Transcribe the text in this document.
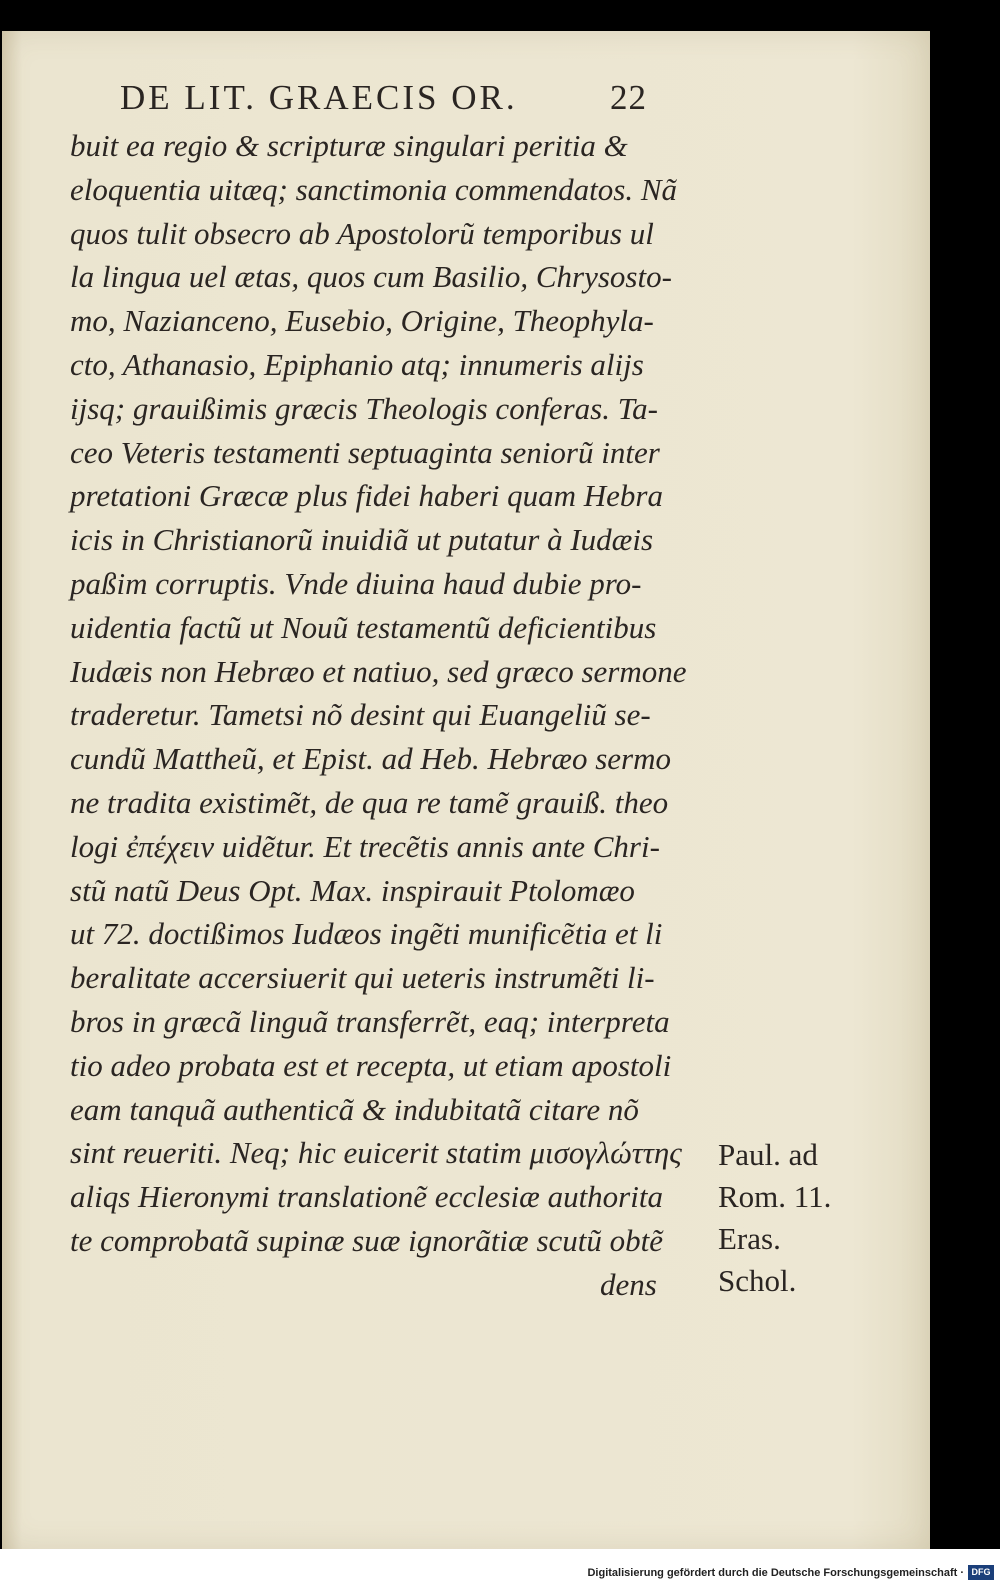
DE LIT. GRAECIS OR.	22
buit ea regio & scripturæ singulari peritia &
eloquentia uitæq; sanctimonia commendatos. Nã
quos tulit obsecro ab Apostolorũ temporibus ul
la lingua uel ætas, quos cum Basilio, Chrysosto-
mo, Nazianceno, Eusebio, Origine, Theophyla-
cto, Athanasio, Epiphanio atq; innumeris alijs
ijsq; grauißimis græcis Theologis conferas. Ta-
ceo Veteris testamenti septuaginta seniorũ inter
pretationi Græcæ plus fidei haberi quam Hebra
icis in Christianorũ inuidiã ut putatur à Iudæis
paßim corruptis. Vnde diuina haud dubie pro-
uidentia factũ ut Nouũ testamentũ deficientibus
Iudæis non Hebræo et natiuo, sed græco sermone
traderetur. Tametsi nõ desint qui Euangeliũ se-
cundũ Mattheũ, et Epist. ad Heb. Hebræo sermo
ne tradita existimẽt, de qua re tamẽ grauiß. theo
logi ἐπέχειν uidẽtur. Et trecẽtis annis ante Chri-
stũ natũ Deus Opt. Max. inspirauit Ptolomæo
ut 72. doctißimos Iudæos ingẽti munificẽtia et li
beralitate accersiuerit qui ueteris instrumẽti li-
bros in græcã linguã transferrẽt, eaq; interpreta
tio adeo probata est et recepta, ut etiam apostoli
eam tanquã authenticã & indubitatã citare nõ
sint reueriti. Neq; hic euicerit statim μισογλώττης
aliqs Hieronymi translationẽ ecclesiæ authorita
te comprobatã supinæ suæ ignorãtiæ scutũ obtẽ
dens
Paul. ad
Rom. 11.
Eras.
Schol.
Digitalisierung gefördert durch die Deutsche Forschungsgemeinschaft · DFG
